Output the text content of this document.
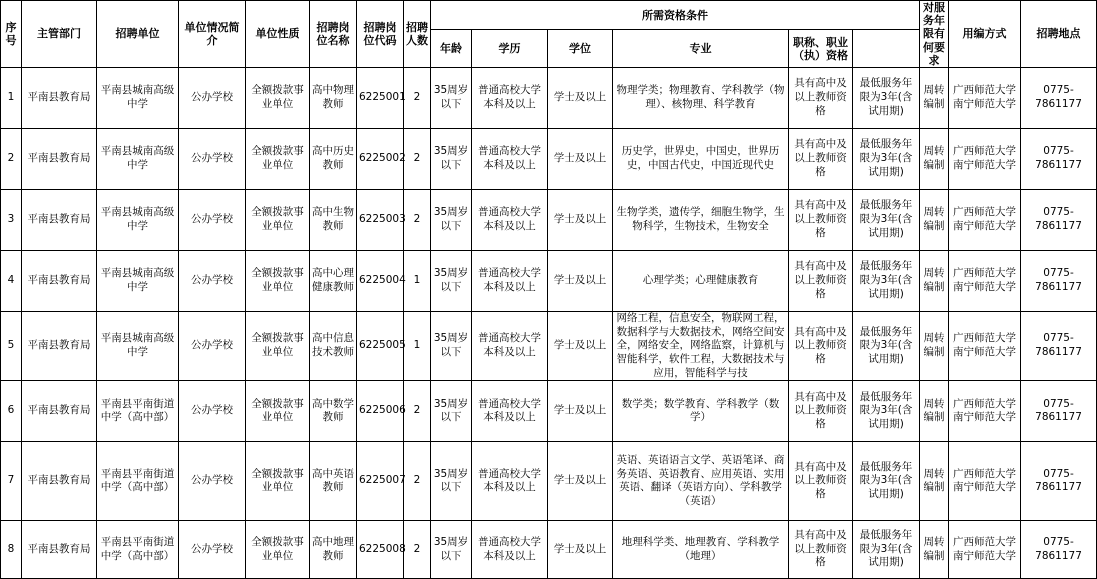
序号	主管部门	招聘单位	单位情况简介	单位性质	招聘岗位名称	招聘岗位代码	招聘人数	所需资格条件						对服务年限有何要求	用编方式	招聘地点	
								年龄	学历	学位	专业	职称、职业（执）资格					
1	平南县教育局	平南县城南高级中学	公办学校	全额拨款事业单位	高中物理教师	6225001	2	35周岁以下	普通高校大学本科及以上	学士及以上	物理学类；物理教育、学科教学（物理）、核物理、科学教育	具有高中及以上教师资格	最低服务年限为3年(含试用期)	周转编制	广西师范大学南宁师范大学	0775-7861177	
2	平南县教育局	平南县城南高级中学	公办学校	全额拨款事业单位	高中历史教师	6225002	2	35周岁以下	普通高校大学本科及以上	学士及以上	历史学，世界史，中国史，世界历史，中国古代史，中国近现代史	具有高中及以上教师资格	最低服务年限为3年(含试用期)	周转编制	广西师范大学南宁师范大学	0775-7861177	
3	平南县教育局	平南县城南高级中学	公办学校	全额拨款事业单位	高中生物教师	6225003	2	35周岁以下	普通高校大学本科及以上	学士及以上	生物学类，遗传学，细胞生物学，生物科学，生物技术，生物安全	具有高中及以上教师资格	最低服务年限为3年(含试用期)	周转编制	广西师范大学南宁师范大学	0775-7861177	
4	平南县教育局	平南县城南高级中学	公办学校	全额拨款事业单位	高中心理健康教师	6225004	1	35周岁以下	普通高校大学本科及以上	学士及以上	心理学类；心理健康教育	具有高中及以上教师资格	最低服务年限为3年(含试用期)	周转编制	广西师范大学南宁师范大学	0775-7861177	
5	平南县教育局	平南县城南高级中学	公办学校	全额拨款事业单位	高中信息技术教师	6225005	1	35周岁以下	普通高校大学本科及以上	学士及以上	网络工程，信息安全，物联网工程，数据科学与大数据技术，网络空间安全，网络安全，网络监察，计算机与智能科学，软件工程，大数据技术与应用，智能科学与技	具有高中及以上教师资格	最低服务年限为3年(含试用期)	周转编制	广西师范大学南宁师范大学	0775-7861177	
6	平南县教育局	平南县平南街道中学（高中部）	公办学校	全额拨款事业单位	高中数学教师	6225006	2	35周岁以下	普通高校大学本科及以上	学士及以上	数学类；数学教育、学科教学（数学）	具有高中及以上教师资格	最低服务年限为3年(含试用期)	周转编制	广西师范大学南宁师范大学	0775-7861177	
7	平南县教育局	平南县平南街道中学（高中部）	公办学校	全额拨款事业单位	高中英语教师	6225007	2	35周岁以下	普通高校大学本科及以上	学士及以上	英语、英语语言文学、英语笔译、商务英语、英语教育、应用英语、实用英语、翻译（英语方向）、学科教学（英语）	具有高中及以上教师资格	最低服务年限为3年(含试用期)	周转编制	广西师范大学南宁师范大学	0775-7861177	
8	平南县教育局	平南县平南街道中学（高中部）	公办学校	全额拨款事业单位	高中地理教师	6225008	2	35周岁以下	普通高校大学本科及以上	学士及以上	地理科学类、地理教育、学科教学（地理）	具有高中及以上教师资格	最低服务年限为3年(含试用期)	周转编制	广西师范大学南宁师范大学	0775-7861177	
